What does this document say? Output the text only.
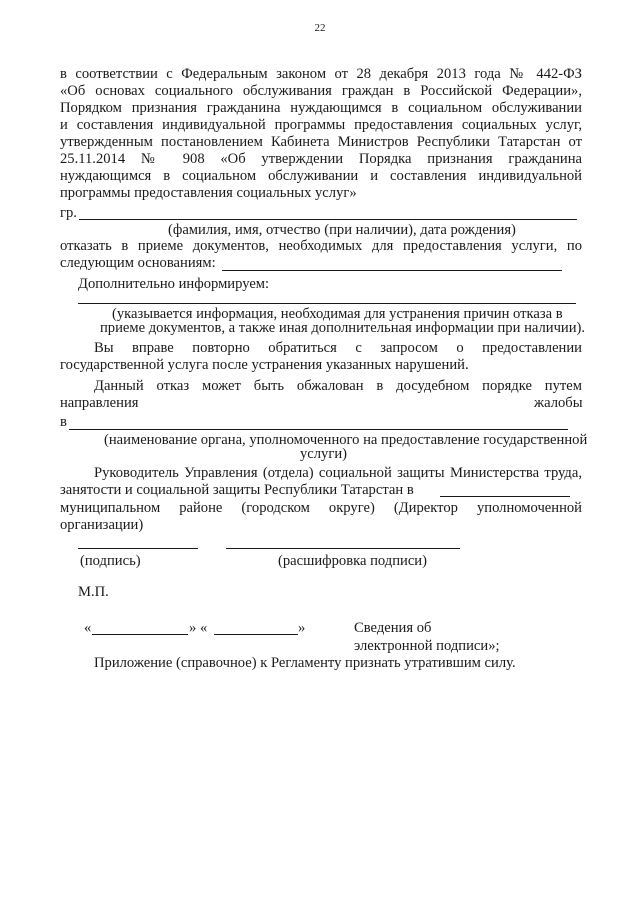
22
в соответствии с Федеральным законом от 28 декабря 2013 года № 442-ФЗ
«Об основах социального обслуживания граждан в Российской Федерации»,
Порядком признания гражданина нуждающимся в социальном обслуживании
и составления индивидуальной программы предоставления социальных услуг,
утвержденным постановлением Кабинета Министров Республики Татарстан от
25.11.2014 № 908 «Об утверждении Порядка признания гражданина
нуждающимся в социальном обслуживании и составления индивидуальной
программы предоставления социальных услуг»
гр.
(фамилия, имя, отчество (при наличии), дата рождения)
отказать в приеме документов, необходимых для предоставления услуги, по
следующим основаниям:
Дополнительно информируем:
(указывается информация, необходимая для устранения причин отказа в
приеме документов, а также иная дополнительная информации при наличии).
Вы вправе повторно обратиться с запросом о предоставлении
государственной услуга после устранения указанных нарушений.
Данный отказ может быть обжалован в досудебном порядке путем
направления	жалобы
в
(наименование органа, уполномоченного на предоставление государственной
услуги)
Руководитель Управления (отдела) социальной защиты Министерства труда,
занятости и социальной защиты Республики Татарстан в
муниципальном районе (городском округе) (Директор уполномоченной
организации)
(подпись)	(расшифровка подписи)
М.П.
«	» «	»	Сведения об
электронной подписи»;
Приложение (справочное) к Регламенту признать утратившим силу.
